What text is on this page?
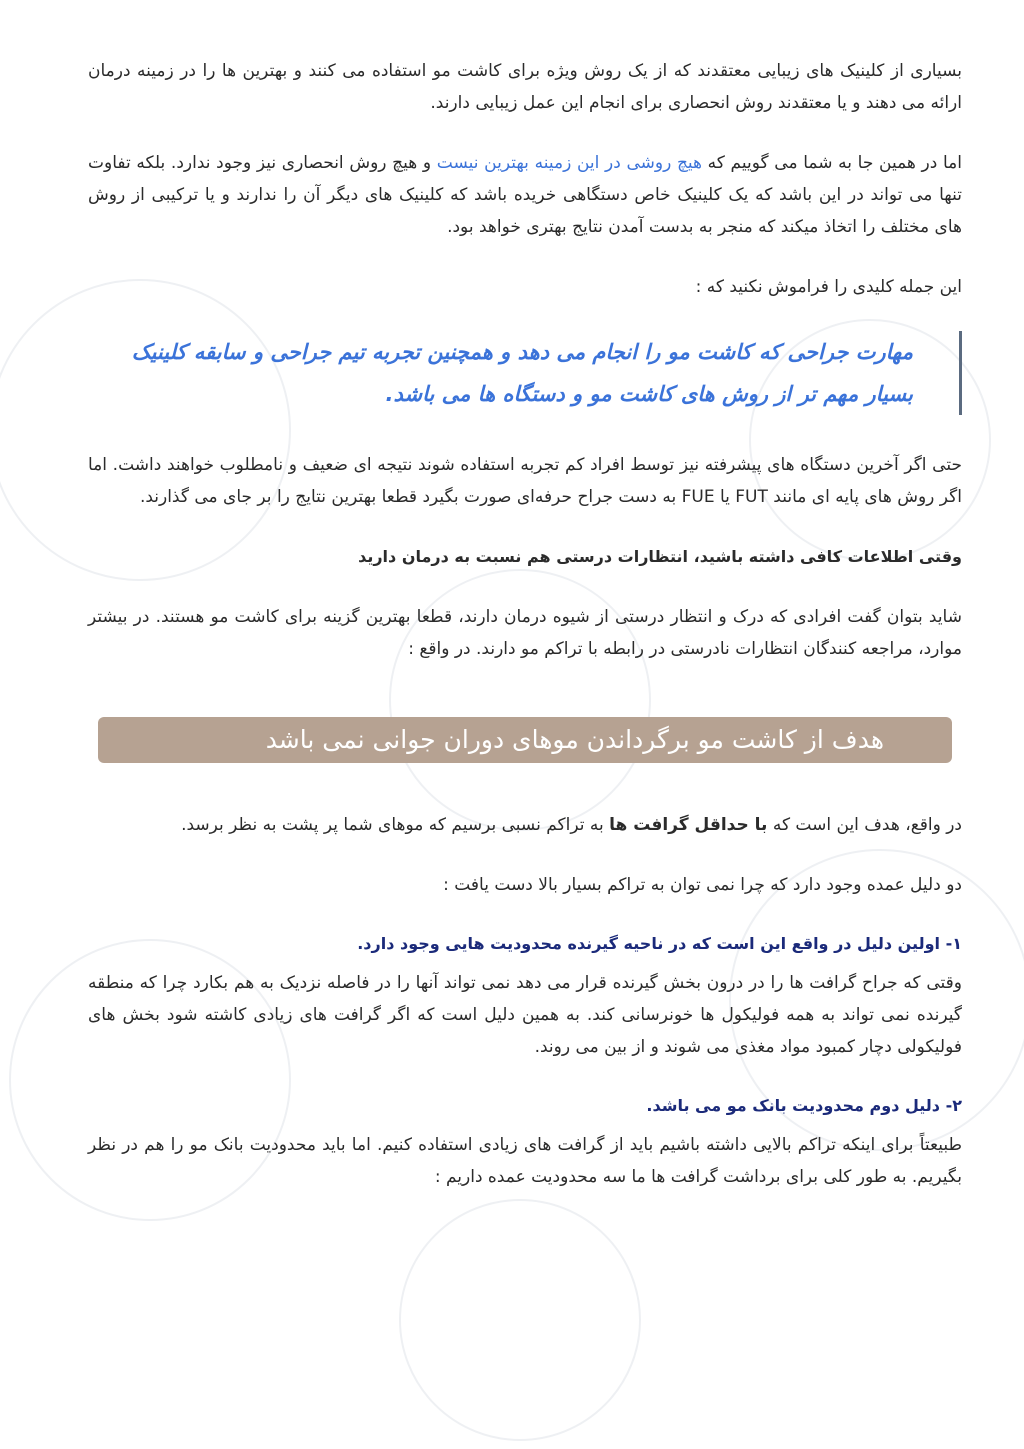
بسیاری از کلینیک های زیبایی معتقدند که از یک روش ویژه برای کاشت مو استفاده می کنند و بهترین ها را در زمینه درمان ارائه می دهند و یا معتقدند روش انحصاری برای انجام این عمل زیبایی دارند.

اما در همین جا به شما می گوییم که هیچ روشی در این زمینه بهترین نیست و هیچ روش انحصاری نیز وجود ندارد. بلکه تفاوت تنها می تواند در این باشد که یک کلینیک خاص دستگاهی خریده باشد که کلینیک های دیگر آن را ندارند و یا ترکیبی از روش های مختلف را اتخاذ میکند که منجر به بدست آمدن نتایج بهتری خواهد بود.

این جمله کلیدی را فراموش نکنید که :

مهارت جراحی که کاشت مو را انجام می دهد و همچنین تجربه تیم جراحی و سابقه کلینیک بسیار مهم تر از روش های کاشت مو و دستگاه ها می باشد.

حتی اگر آخرین دستگاه های پیشرفته نیز توسط افراد کم تجربه استفاده شوند نتیجه ای ضعیف و نامطلوب خواهند داشت. اما اگر روش های پایه ای مانند FUT یا FUE به دست جراح حرفه‌ای صورت بگیرد قطعا بهترین نتایج را بر جای می گذارند.

وقتی اطلاعات کافی داشته باشید، انتظارات درستی هم نسبت به درمان دارید

شاید بتوان گفت افرادی که درک و انتظار درستی از شیوه درمان دارند، قطعا بهترین گزینه برای کاشت مو هستند. در بیشتر موارد، مراجعه کنندگان انتظارات نادرستی در رابطه با تراکم مو دارند. در واقع :

هدف از کاشت مو برگرداندن موهای دوران جوانی نمی باشد

در واقع، هدف این است که با حداقل گرافت ها به تراکم نسبی برسیم که موهای شما پر پشت به نظر برسد.

دو دلیل عمده وجود دارد که چرا نمی توان به تراکم بسیار بالا دست یافت :

۱- اولین دلیل در واقع این است که در ناحیه گیرنده محدودیت هایی وجود دارد.

وقتی که جراح گرافت ها را در درون بخش گیرنده قرار می دهد نمی تواند آنها را در فاصله نزدیک به هم بکارد چرا که منطقه گیرنده نمی تواند به همه فولیکول ها خونرسانی کند. به همین دلیل است که اگر گرافت های زیادی کاشته شود بخش های فولیکولی دچار کمبود مواد مغذی می شوند و از بین می روند.

۲- دلیل دوم محدودیت بانک مو می باشد.

طبیعتاً برای اینکه تراکم بالایی داشته باشیم باید از گرافت های زیادی استفاده کنیم. اما باید محدودیت بانک مو را هم در نظر بگیریم. به طور کلی برای برداشت گرافت ها ما سه محدودیت عمده داریم :
